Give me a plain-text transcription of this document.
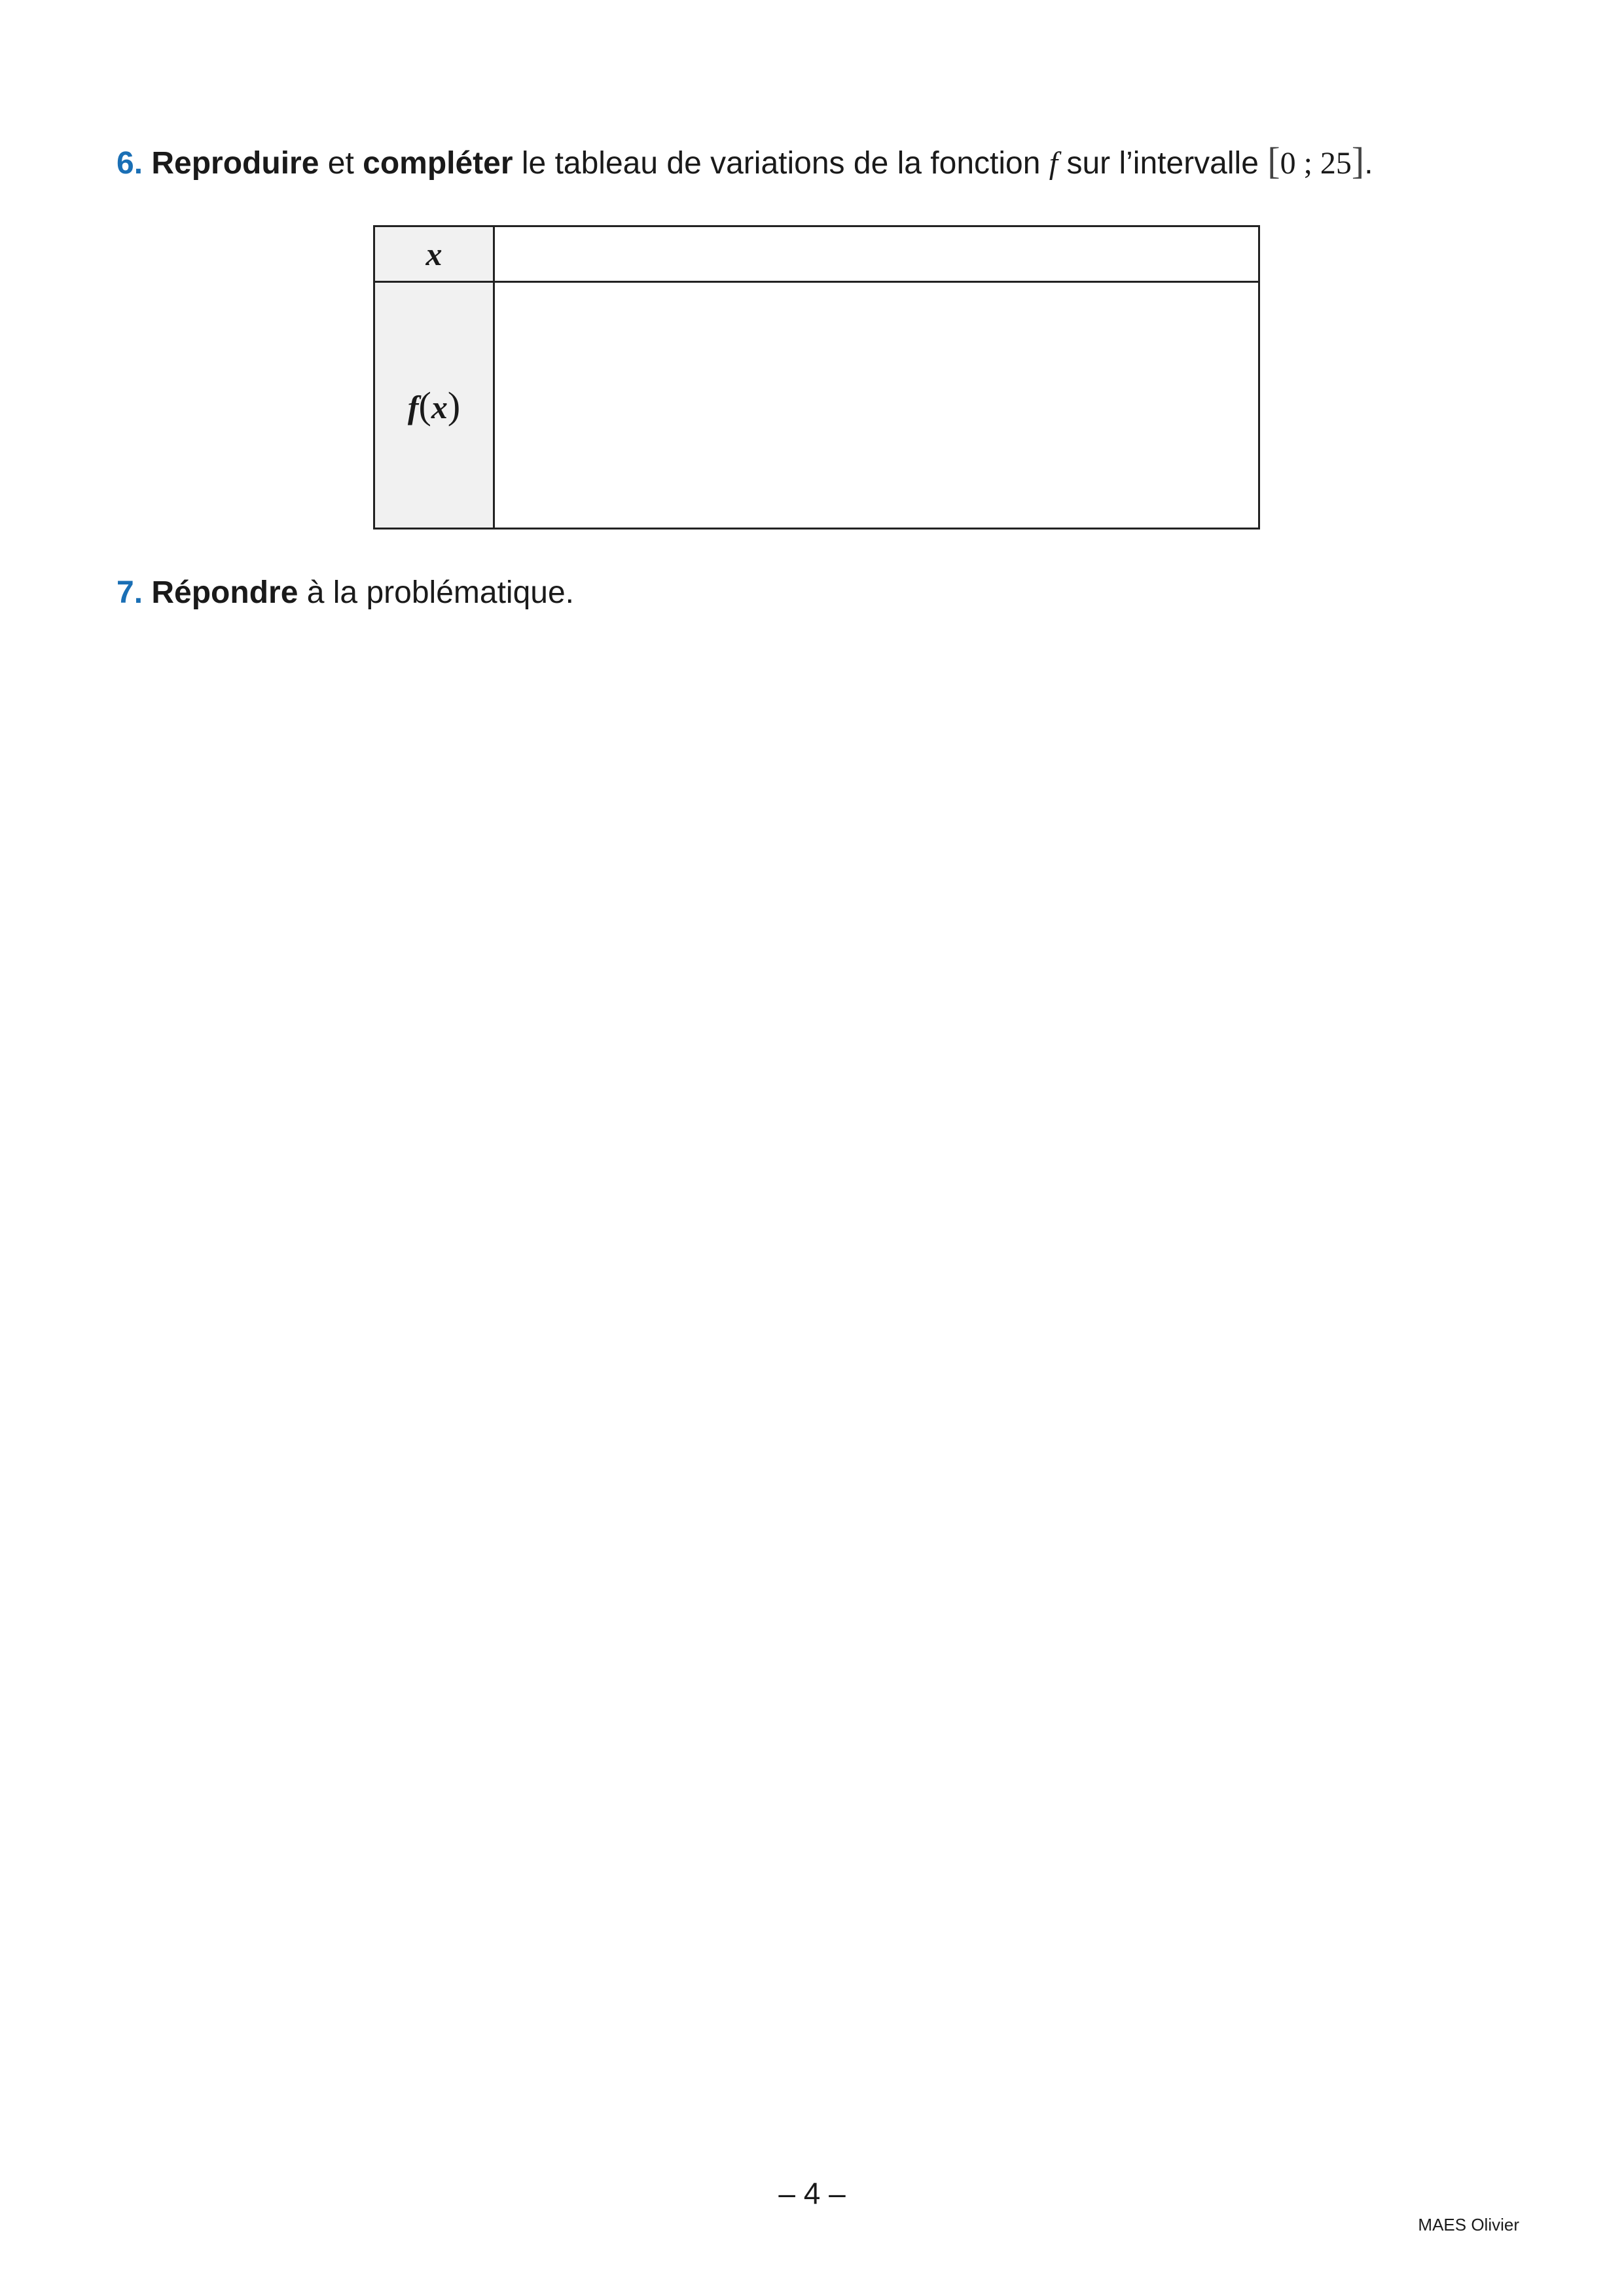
6. Reproduire et compléter le tableau de variations de la fonction f sur l’intervalle [0 ; 25].
x	
f(x)	
7. Répondre à la problématique.
– 4 –
MAES Olivier
